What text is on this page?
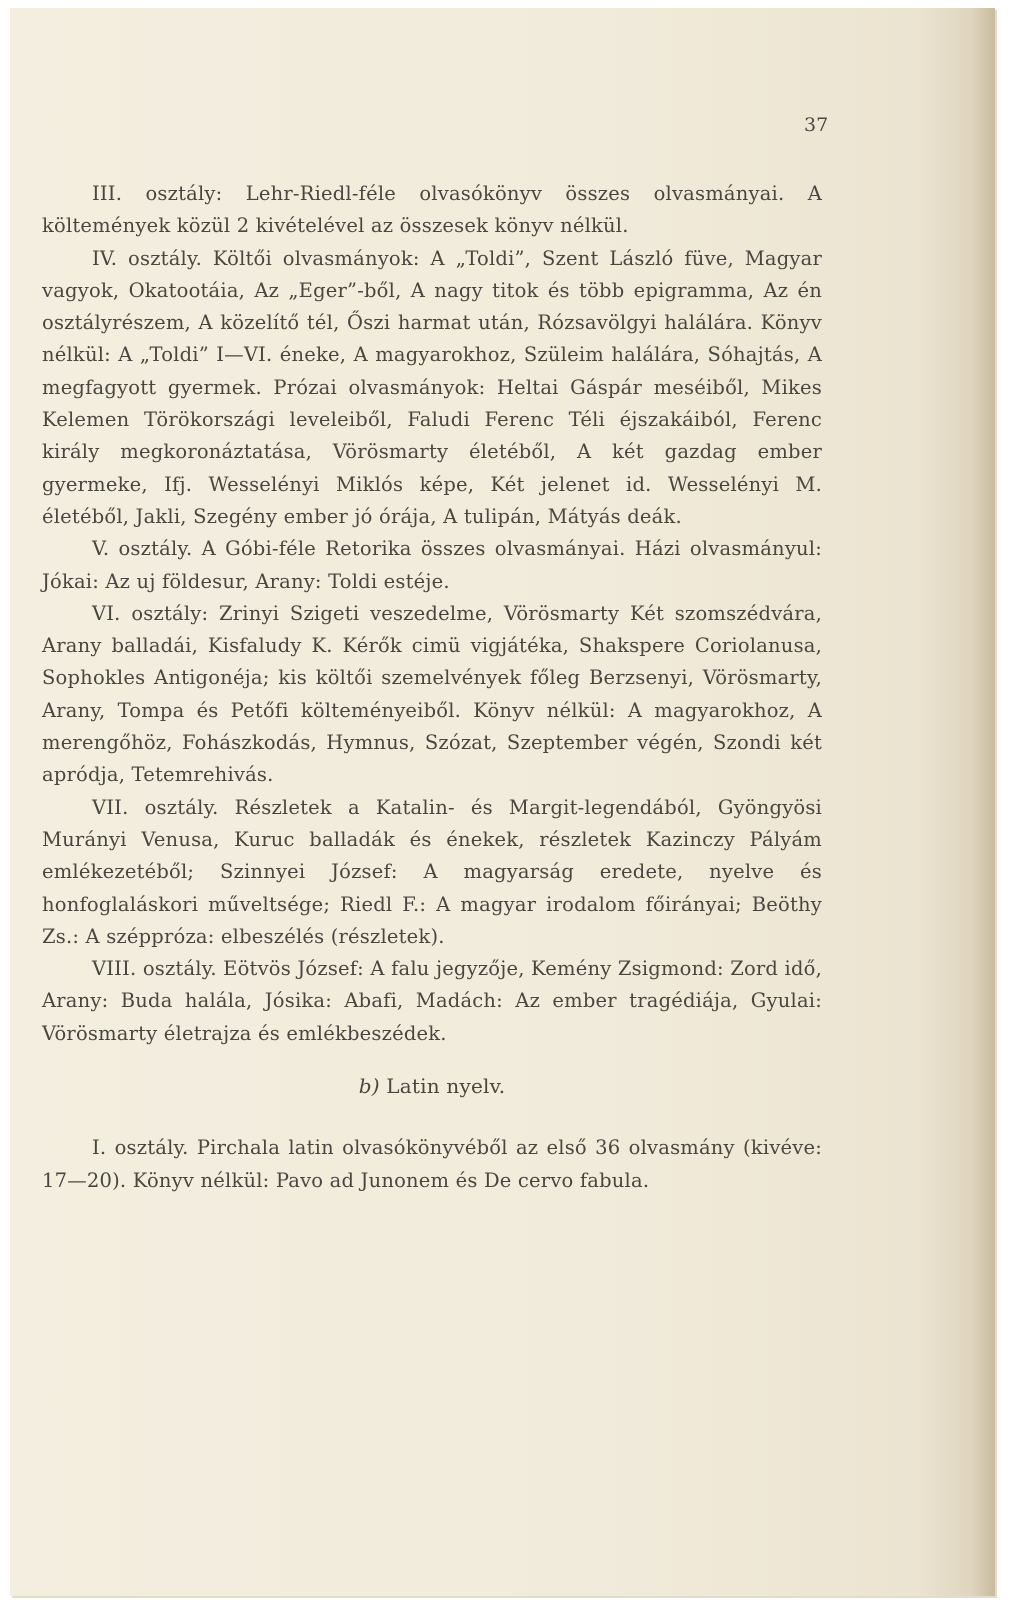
37

III. osztály: Lehr-Riedl-féle olvasókönyv összes olvasmányai. A költemények közül 2 kivételével az összesek könyv nélkül.

IV. osztály. Költői olvasmányok: A „Toldi”, Szent László füve, Magyar vagyok, Okatootáia, Az „Eger”-ből, A nagy titok és több epigramma, Az én osztályrészem, A közelítő tél, Őszi harmat után, Rózsavölgyi halálára. Könyv nélkül: A „Toldi” I—VI. éneke, A magyarokhoz, Szüleim halálára, Sóhajtás, A megfagyott gyermek. Prózai olvasmányok: Heltai Gáspár meséiből, Mikes Kelemen Törökországi leveleiből, Faludi Ferenc Téli éjszakáiból, Ferenc király megkoronáztatása, Vörösmarty életéből, A két gazdag ember gyermeke, Ifj. Wesselényi Miklós képe, Két jelenet id. Wesselényi M. életéből, Jakli, Szegény ember jó órája, A tulipán, Mátyás deák.

V. osztály. A Góbi-féle Retorika összes olvasmányai. Házi olvasmányul: Jókai: Az uj földesur, Arany: Toldi estéje.

VI. osztály: Zrinyi Szigeti veszedelme, Vörösmarty Két szomszédvára, Arany balladái, Kisfaludy K. Kérők cimü vigjátéka, Shakspere Coriolanusa, Sophokles Antigonéja; kis költői szemelvények főleg Berzsenyi, Vörösmarty, Arany, Tompa és Petőfi költeményeiből. Könyv nélkül: A magyarokhoz, A merengőhöz, Fohászkodás, Hymnus, Szózat, Szeptember végén, Szondi két apródja, Tetemrehivás.

VII. osztály. Részletek a Katalin- és Margit-legendából, Gyöngyösi Murányi Venusa, Kuruc balladák és énekek, részletek Kazinczy Pályám emlékezetéből; Szinnyei József: A magyarság eredete, nyelve és honfoglaláskori műveltsége; Riedl F.: A magyar irodalom főirányai; Beöthy Zs.: A széppróza: elbeszélés (részletek).

VIII. osztály. Eötvös József: A falu jegyzője, Kemény Zsigmond: Zord idő, Arany: Buda halála, Jósika: Abafi, Madách: Az ember tragédiája, Gyulai: Vörösmarty életrajza és emlékbeszédek.

b) Latin nyelv.

I. osztály. Pirchala latin olvasókönyvéből az első 36 olvasmány (kivéve: 17—20). Könyv nélkül: Pavo ad Junonem és De cervo fabula.
